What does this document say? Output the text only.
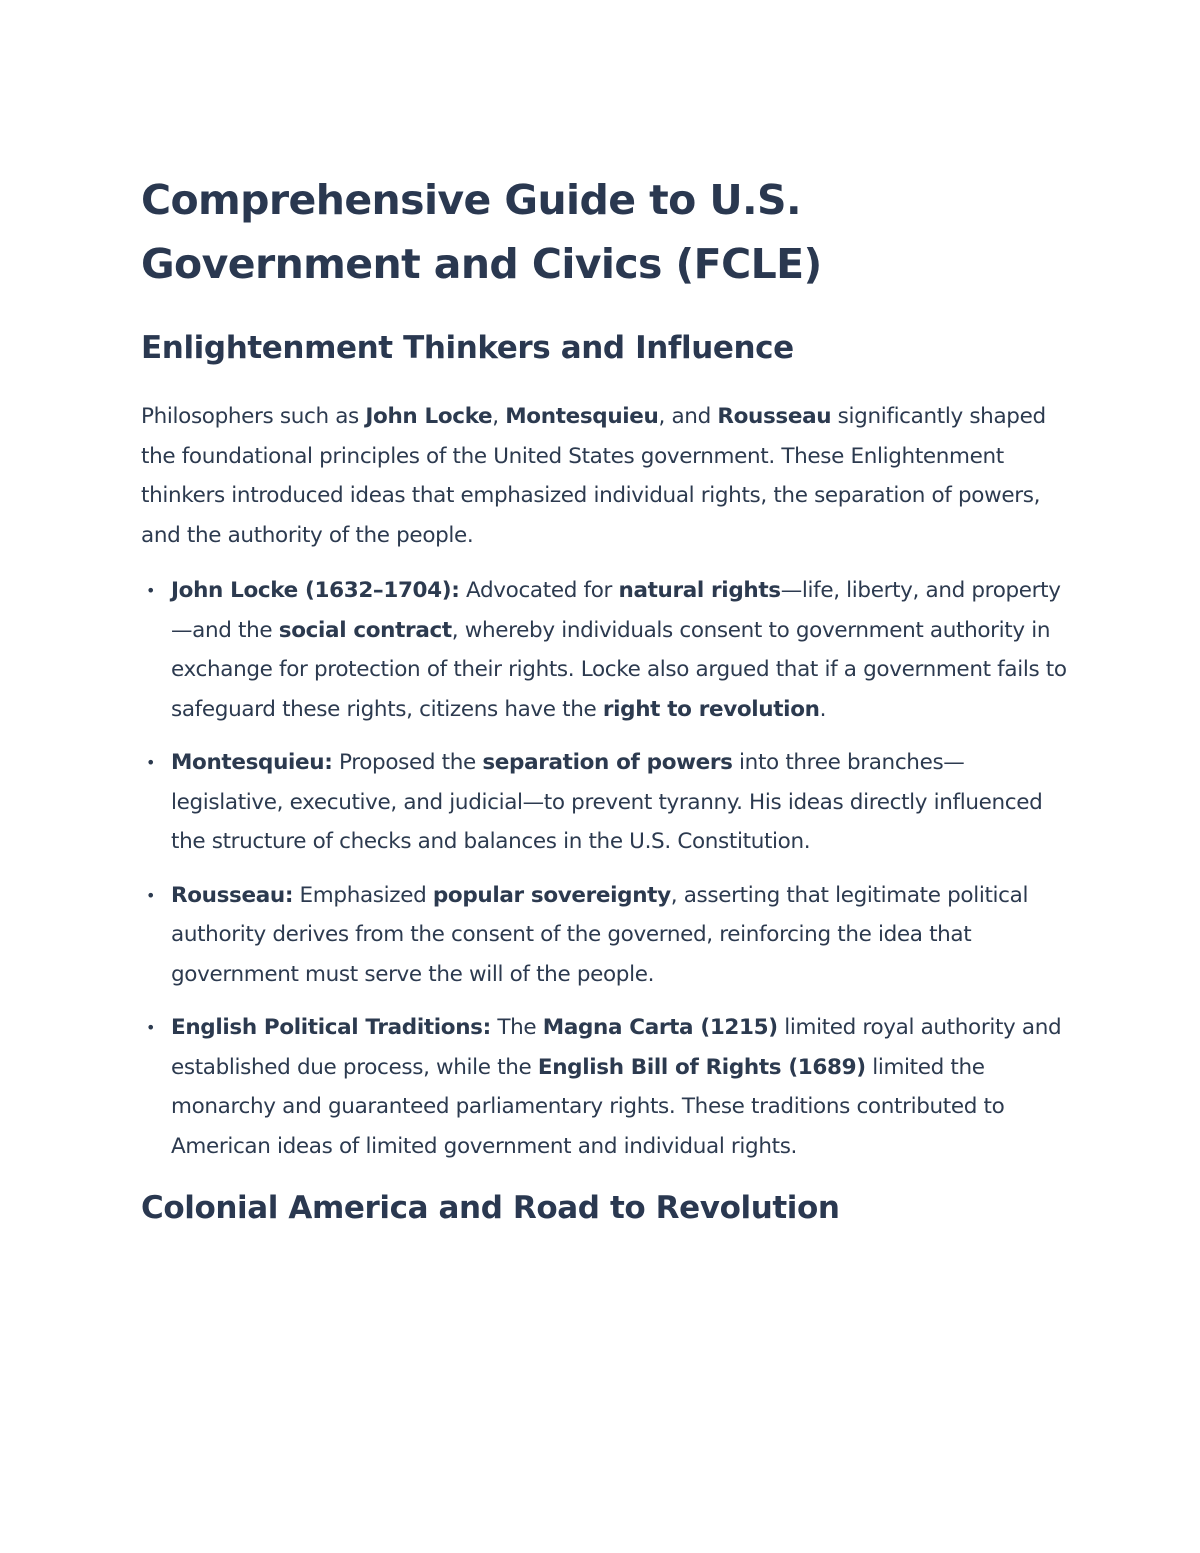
Comprehensive Guide to U.S. Government and Civics (FCLE)
Enlightenment Thinkers and Influence

Philosophers such as John Locke, Montesquieu, and Rousseau significantly shaped the foundational principles of the United States government. These Enlightenment thinkers introduced ideas that emphasized individual rights, the separation of powers, and the authority of the people.

• John Locke (1632–1704): Advocated for natural rights—life, liberty, and property—and the social contract, whereby individuals consent to government authority in exchange for protection of their rights. Locke also argued that if a government fails to safeguard these rights, citizens have the right to revolution.
• Montesquieu: Proposed the separation of powers into three branches—legislative, executive, and judicial—to prevent tyranny. His ideas directly influenced the structure of checks and balances in the U.S. Constitution.
• Rousseau: Emphasized popular sovereignty, asserting that legitimate political authority derives from the consent of the governed, reinforcing the idea that government must serve the will of the people.
• English Political Traditions: The Magna Carta (1215) limited royal authority and established due process, while the English Bill of Rights (1689) limited the monarchy and guaranteed parliamentary rights. These traditions contributed to American ideas of limited government and individual rights.
Colonial America and Road to Revolution
